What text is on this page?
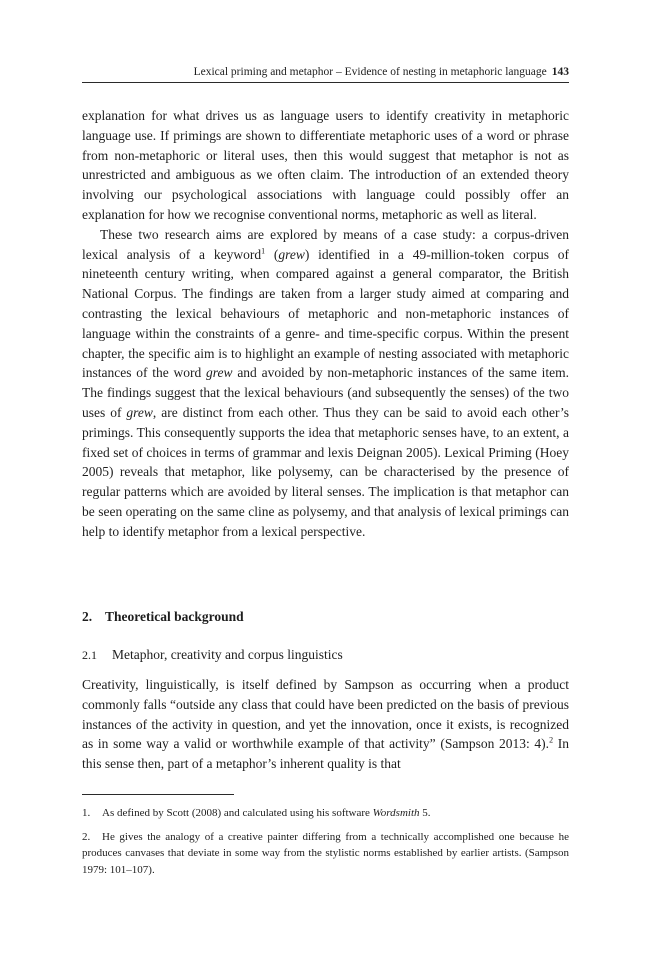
Lexical priming and metaphor – Evidence of nesting in metaphoric language 143

explanation for what drives us as language users to identify creativity in metaphoric language use. If primings are shown to differentiate metaphoric uses of a word or phrase from non-metaphoric or literal uses, then this would suggest that metaphor is not as unrestricted and ambiguous as we often claim. The introduction of an extended theory involving our psychological associations with language could possibly offer an explanation for how we recognise conventional norms, metaphoric as well as literal.

These two research aims are explored by means of a case study: a corpus-driven lexical analysis of a keyword$^1$ (grew) identified in a 49-million-token corpus of nineteenth century writing, when compared against a general comparator, the British National Corpus. The findings are taken from a larger study aimed at comparing and contrasting the lexical behaviours of metaphoric and non-metaphoric instances of language within the constraints of a genre- and time-specific corpus. Within the present chapter, the specific aim is to highlight an example of nesting associated with metaphoric instances of the word grew and avoided by non-metaphoric instances of the same item. The findings suggest that the lexical behaviours (and subsequently the senses) of the two uses of grew, are distinct from each other. Thus they can be said to avoid each other’s primings. This consequently supports the idea that metaphoric senses have, to an extent, a fixed set of choices in terms of grammar and lexis Deignan 2005). Lexical Priming (Hoey 2005) reveals that metaphor, like polysemy, can be characterised by the presence of regular patterns which are avoided by literal senses. The implication is that metaphor can be seen operating on the same cline as polysemy, and that analysis of lexical primings can help to identify metaphor from a lexical perspective.

2. Theoretical background
2.1 Metaphor, creativity and corpus linguistics

Creativity, linguistically, is itself defined by Sampson as occurring when a product commonly falls “outside any class that could have been predicted on the basis of previous instances of the activity in question, and yet the innovation, once it exists, is recognized as in some way a valid or worthwhile example of that activity” (Sampson 2013: 4).$^2$ In this sense then, part of a metaphor’s inherent quality is that

1. As defined by Scott (2008) and calculated using his software Wordsmith 5.

2. He gives the analogy of a creative painter differing from a technically accomplished one because he produces canvases that deviate in some way from the stylistic norms established by earlier artists. (Sampson 1979: 101–107).
